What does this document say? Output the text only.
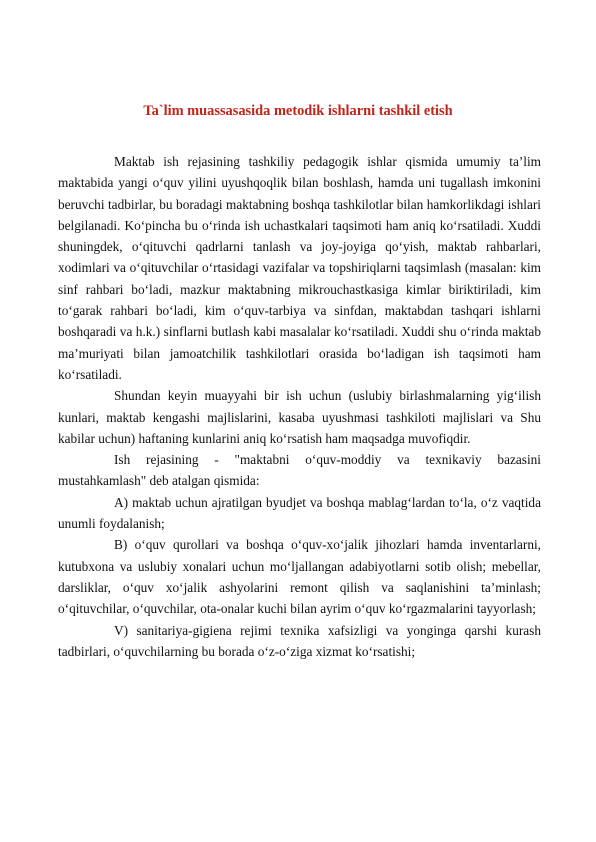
Ta`lim muassasasida metodik ishlarni tashkil etish

Maktab ish rejasining tashkiliy pedagogik ishlar qismida umumiy ta’lim maktabida yangi o‘quv yilini uyushqoqlik bilan boshlash, hamda uni tugallash imkonini beruvchi tadbirlar, bu boradagi maktabning boshqa tashkilotlar bilan hamkorlikdagi ishlari belgilanadi. Ko‘pincha bu o‘rinda ish uchastkalari taqsimoti ham aniq ko‘rsatiladi. Xuddi shuningdek, o‘qituvchi qadrlarni tanlash va joy-joyiga qo‘yish, maktab rahbarlari, xodimlari va o‘qituvchilar o‘rtasidagi vazifalar va topshiriqlarni taqsimlash (masalan: kim sinf rahbari bo‘ladi, mazkur maktabning mikrouchastkasiga kimlar biriktiriladi, kim to‘garak rahbari bo‘ladi, kim o‘quv-tarbiya va sinfdan, maktabdan tashqari ishlarni boshqaradi va h.k.) sinflarni butlash kabi masalalar ko‘rsatiladi. Xuddi shu o‘rinda maktab ma’muriyati bilan jamoatchilik tashkilotlari orasida bo‘ladigan ish taqsimoti ham ko‘rsatiladi.

Shundan keyin muayyahi bir ish uchun (uslubiy birlashmalarning yig‘ilish kunlari, maktab kengashi majlislarini, kasaba uyushmasi tashkiloti majlislari va Shu kabilar uchun) haftaning kunlarini aniq ko‘rsatish ham maqsadga muvofiqdir.

Ish rejasining - "maktabni o‘quv-moddiy va texnikaviy bazasini mustahkamlash" deb atalgan qismida:

A) maktab uchun ajratilgan byudjet va boshqa mablag‘lardan to‘la, o‘z vaqtida unumli foydalanish;

B) o‘quv qurollari va boshqa o‘quv-xo‘jalik jihozlari hamda inventarlarni, kutubxona va uslubiy xonalari uchun mo‘ljallangan adabiyotlarni sotib olish; mebellar, darsliklar, o‘quv xo‘jalik ashyolarini remont qilish va saqlanishini ta’minlash; o‘qituvchilar, o‘quvchilar, ota-onalar kuchi bilan ayrim o‘quv ko‘rgazmalarini tayyorlash;

V) sanitariya-gigiena rejimi texnika xafsizligi va yonginga qarshi kurash tadbirlari, o‘quvchilarning bu borada o‘z-o‘ziga xizmat ko‘rsatishi;
